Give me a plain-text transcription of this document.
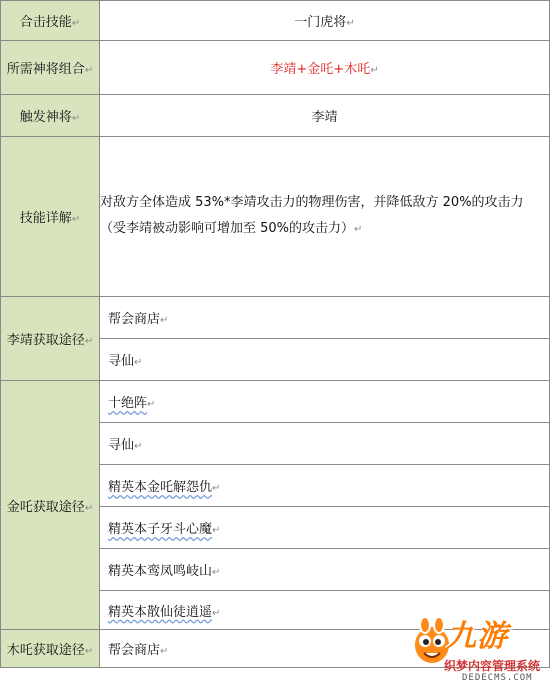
合击技能↵	一门虎将↵
所需神将组合↵	李靖+金吒+木吒↵
触发神将↵	李靖
技能详解↵	对敌方全体造成 53%*李靖攻击力的物理伤害，并降低敌方 20%的攻击力（受李靖被动影响可增加至 50%的攻击力）↵
李靖获取途径↵	帮会商店↵
	寻仙↵
金吒获取途径↵	十绝阵↵
	寻仙↵
	精英本金吒解怨仇↵
	精英本子牙斗心魔↵
	精英本鸾凤鸣岐山↵
	精英本散仙徒逍遥↵
木吒获取途径↵	帮会商店↵	九游
织梦内容管理系统
DEDECMS.COM
